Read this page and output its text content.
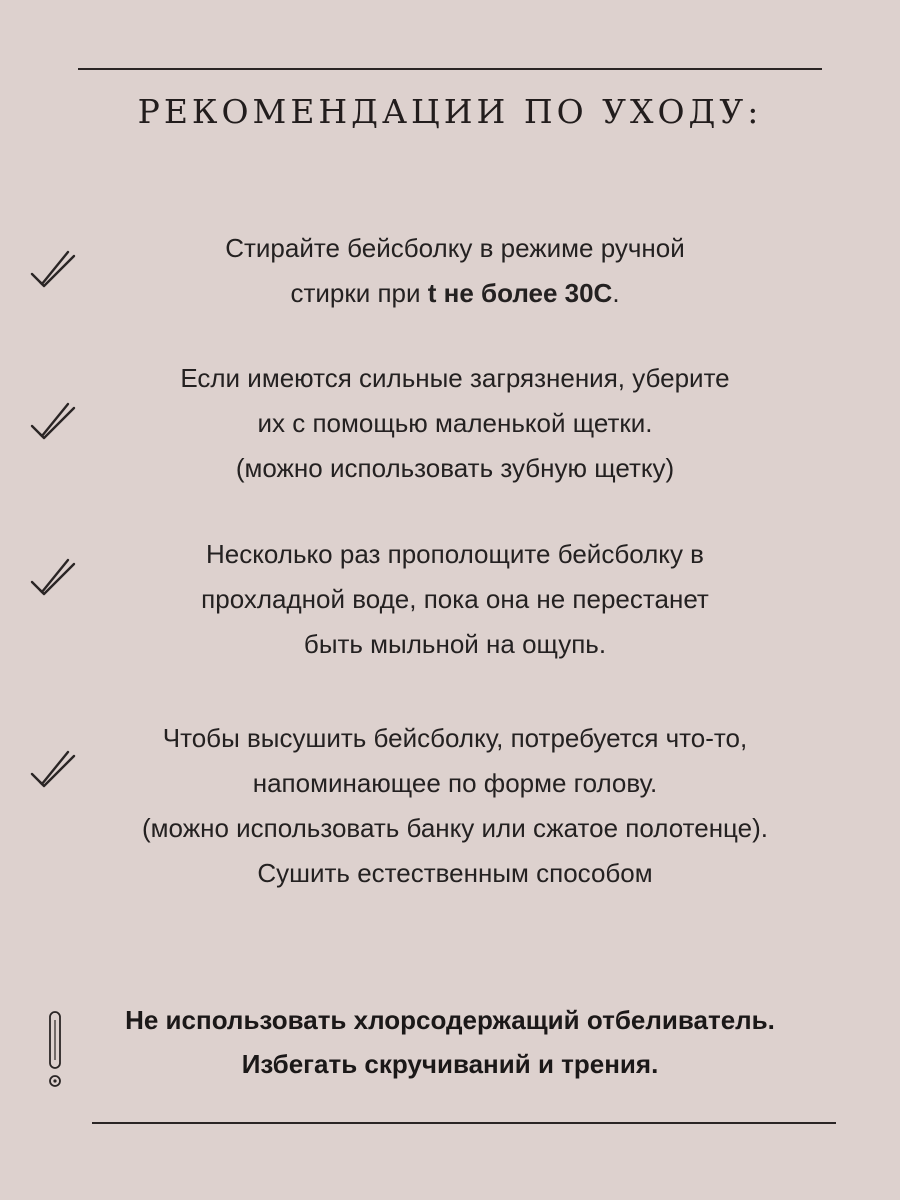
РЕКОМЕНДАЦИИ ПО УХОДУ:

Стирайте бейсболку в режиме ручной

стирки при t не более 30С.

Если имеются сильные загрязнения, уберите

их с помощью маленькой щетки.

(можно использовать зубную щетку)

Несколько раз прополощите бейсболку в

прохладной воде, пока она не перестанет

быть мыльной на ощупь.

Чтобы высушить бейсболку, потребуется что-то,

напоминающее по форме голову.

(можно использовать банку или сжатое полотенце).

Сушить естественным способом

Не использовать хлорсодержащий отбеливатель.

Избегать скручиваний и трения.
